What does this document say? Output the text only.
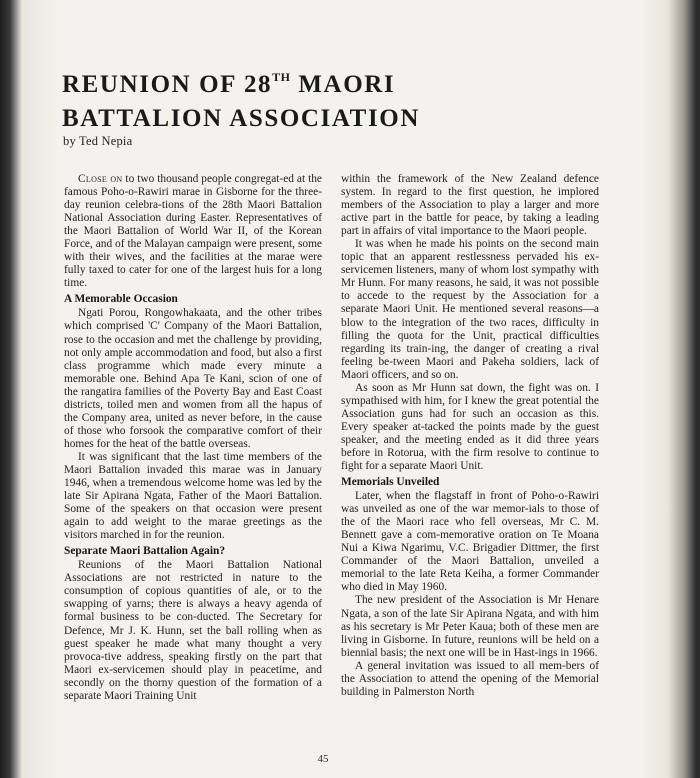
REUNION OF 28TH MAORI
BATTALION ASSOCIATION

by Ted Nepia

Close on to two thousand people congregat-ed at the famous Poho-o-Rawiri marae in Gisborne for the three-day reunion celebra-tions of the 28th Maori Battalion National Association during Easter. Representatives of the Maori Battalion of World War II, of the Korean Force, and of the Malayan campaign were present, some with their wives, and the facilities at the marae were fully taxed to cater for one of the largest huis for a long time.

A Memorable Occasion

Ngati Porou, Rongowhakaata, and the other tribes which comprised 'C' Company of the Maori Battalion, rose to the occasion and met the challenge by providing, not only ample accommodation and food, but also a first class programme which made every minute a memorable one. Behind Apa Te Kani, scion of one of the rangatira families of the Poverty Bay and East Coast districts, toiled men and women from all the hapus of the Company area, united as never before, in the cause of those who forsook the comparative comfort of their homes for the heat of the battle overseas.

It was significant that the last time members of the Maori Battalion invaded this marae was in January 1946, when a tremendous welcome home was led by the late Sir Apirana Ngata, Father of the Maori Battalion. Some of the speakers on that occasion were present again to add weight to the marae greetings as the visitors marched in for the reunion.

Separate Maori Battalion Again?

Reunions of the Maori Battalion National Associations are not restricted in nature to the consumption of copious quantities of ale, or to the swapping of yarns; there is always a heavy agenda of formal business to be con-ducted. The Secretary for Defence, Mr J. K. Hunn, set the ball rolling when as guest speaker he made what many thought a very provoca-tive address, speaking firstly on the part that Maori ex-servicemen should play in peacetime, and secondly on the thorny question of the formation of a separate Maori Training Unit

within the framework of the New Zealand defence system. In regard to the first question, he implored members of the Association to play a larger and more active part in the battle for peace, by taking a leading part in affairs of vital importance to the Maori people.

It was when he made his points on the second main topic that an apparent restlessness pervaded his ex-servicemen listeners, many of whom lost sympathy with Mr Hunn. For many reasons, he said, it was not possible to accede to the request by the Association for a separate Maori Unit. He mentioned several reasons—a blow to the integration of the two races, difficulty in filling the quota for the Unit, practical difficulties regarding its train-ing, the danger of creating a rival feeling be-tween Maori and Pakeha soldiers, lack of Maori officers, and so on.

As soon as Mr Hunn sat down, the fight was on. I sympathised with him, for I knew the great potential the Association guns had for such an occasion as this. Every speaker at-tacked the points made by the guest speaker, and the meeting ended as it did three years before in Rotorua, with the firm resolve to continue to fight for a separate Maori Unit.

Memorials Unveiled

Later, when the flagstaff in front of Poho-o-Rawiri was unveiled as one of the war memor-ials to those of the of the Maori race who fell overseas, Mr C. M. Bennett gave a com-memorative oration on Te Moana Nui a Kiwa Ngarimu, V.C. Brigadier Dittmer, the first Commander of the Maori Battalion, unveiled a memorial to the late Reta Keiha, a former Commander who died in May 1960.

The new president of the Association is Mr Henare Ngata, a son of the late Sir Apirana Ngata, and with him as his secretary is Mr Peter Kaua; both of these men are living in Gisborne. In future, reunions will be held on a biennial basis; the next one will be in Hast-ings in 1966.

A general invitation was issued to all mem-bers of the Association to attend the opening of the Memorial building in Palmerston North

45
